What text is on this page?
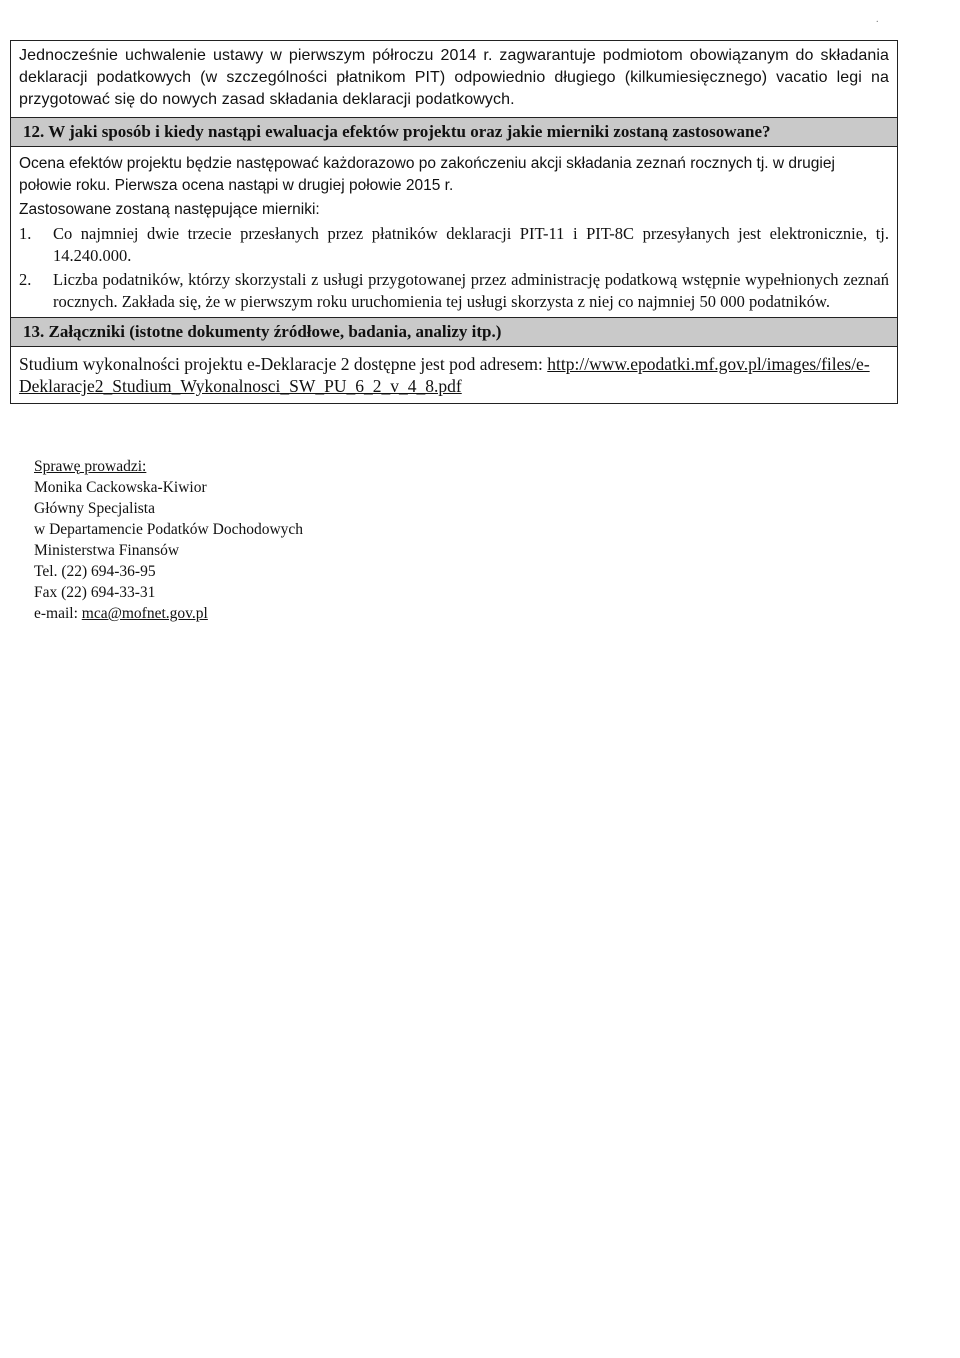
.
Jednocześnie uchwalenie ustawy w pierwszym półroczu 2014 r. zagwarantuje podmiotom obowiązanym do składania deklaracji podatkowych (w szczególności płatnikom PIT) odpowiednio długiego (kilkumiesięcznego) vacatio legi na przygotować się do nowych zasad składania deklaracji podatkowych.
12. W jaki sposób i kiedy nastąpi ewaluacja efektów projektu oraz jakie mierniki zostaną zastosowane?

Ocena efektów projektu będzie następować każdorazowo po zakończeniu akcji składania zeznań rocznych tj. w drugiej połowie roku. Pierwsza ocena nastąpi w drugiej połowie 2015 r.

Zastosowane zostaną następujące mierniki:

1. Co najmniej dwie trzecie przesłanych przez płatników deklaracji PIT-11 i PIT-8C przesyłanych jest elektronicznie, tj. 14.240.000.
2. Liczba podatników, którzy skorzystali z usługi przygotowanej przez administrację podatkową wstępnie wypełnionych zeznań rocznych. Zakłada się, że w pierwszym roku uruchomienia tej usługi skorzysta z niej co najmniej 50 000 podatników.
13. Załączniki (istotne dokumenty źródłowe, badania, analizy itp.)
Studium wykonalności projektu e-Deklaracje 2 dostępne jest pod adresem: http://www.epodatki.mf.gov.pl/images/files/e-Deklaracje2_Studium_Wykonalnosci_SW_PU_6_2_v_4_8.pdf
Sprawę prowadzi:
Monika Cackowska-Kiwior
Główny Specjalista
w Departamencie Podatków Dochodowych
Ministerstwa Finansów
Tel. (22) 694-36-95
Fax (22) 694-33-31
e-mail: mca@mofnet.gov.pl
